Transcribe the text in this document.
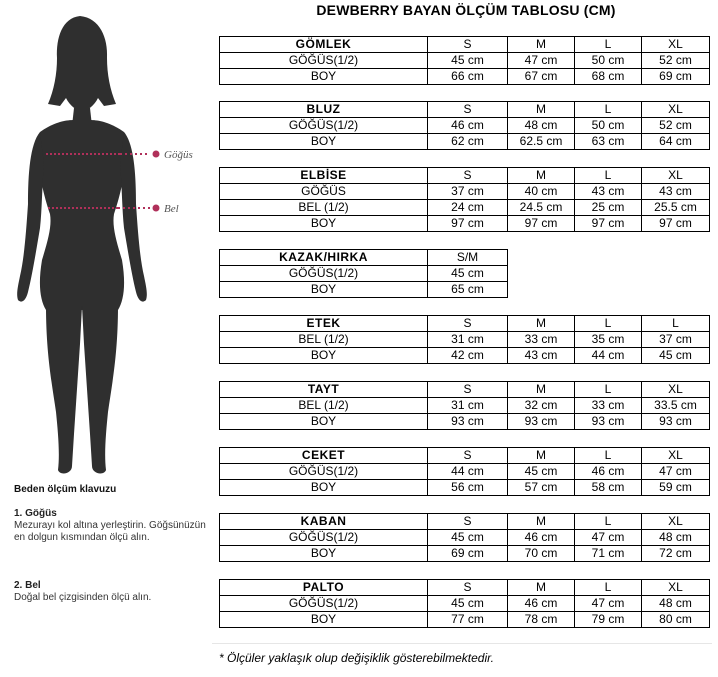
DEWBERRY BAYAN ÖLÇÜM TABLOSU (CM)
Göğüs
Bel
Beden ölçüm klavuzu
1. Göğüs
Mezurayı kol altına yerleştirin. Göğsünüzün en dolgun kısmından ölçü alın.
2. Bel
Doğal bel çizgisinden ölçü alın.
GÖMLEK	S	M	L	XL
GÖĞÜS(1/2)	45 cm	47 cm	50 cm	52 cm
BOY	66 cm	67 cm	68 cm	69 cm
BLUZ	S	M	L	XL
GÖĞÜS(1/2)	46 cm	48 cm	50 cm	52 cm
BOY	62 cm	62.5 cm	63 cm	64 cm
ELBİSE	S	M	L	XL
GÖĞÜS	37 cm	40 cm	43 cm	43 cm
BEL (1/2)	24 cm	24.5 cm	25 cm	25.5 cm
BOY	97 cm	97 cm	97 cm	97 cm
KAZAK/HIRKA	S/M
GÖĞÜS(1/2)	45 cm
BOY	65 cm
ETEK	S	M	L	L
BEL (1/2)	31 cm	33 cm	35 cm	37 cm
BOY	42 cm	43 cm	44 cm	45 cm
TAYT	S	M	L	XL
BEL (1/2)	31 cm	32 cm	33 cm	33.5 cm
BOY	93 cm	93 cm	93 cm	93 cm
CEKET	S	M	L	XL
GÖĞÜS(1/2)	44 cm	45 cm	46 cm	47 cm
BOY	56 cm	57 cm	58 cm	59 cm
KABAN	S	M	L	XL
GÖĞÜS(1/2)	45 cm	46 cm	47 cm	48 cm
BOY	69 cm	70 cm	71 cm	72 cm
PALTO	S	M	L	XL
GÖĞÜS(1/2)	45 cm	46 cm	47 cm	48 cm
BOY	77 cm	78 cm	79 cm	80 cm
* Ölçüler yaklaşık olup değişiklik gösterebilmektedir.
